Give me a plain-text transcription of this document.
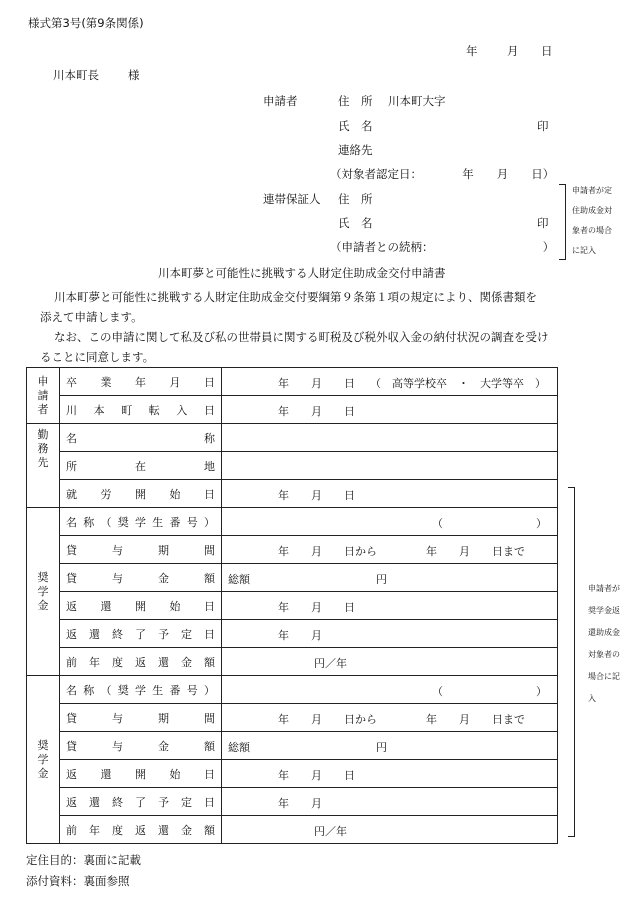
様式第3号(第9条関係)
年	月 日
川本町長	様
申請者	住　所 川本町大字
氏　名	印
連絡先
（対象者認定日：　　　　年　　月　　日）
連帯保証人 住　所
氏　名	印
（申請者との続柄：　　　　　　　　　　）
申請者が定
住助成金対
象者の場合
に記入
川本町夢と可能性に挑戦する人財定住助成金交付申請書
川本町夢と可能性に挑戦する人財定住助成金交付要綱第９条第１項の規定により、関係書類を
添えて申請します。
なお、この申請に関して私及び私の世帯員に関する町税及び税外収入金の納付状況の調査を受け
ることに同意します。
申請者	卒業年月日	年　　月　　日 （　高等学校卒　・　大学等卒　）

	川本町転入日	年　　月　　日

勤務先	名称	

	所在地	

	就労開始日	年　　月　　日

奨学金	名称（奨学生番号）	（ ）

	貸与期間	年　　月　　日から 年　　月　　日まで

	貸与金額	総額 円

	返還開始日	年　　月　　日

	返還終了予定日	年　　月

	前年度返還金額	円／年

奨学金	名称（奨学生番号）	（ ）

	貸与期間	年　　月　　日から 年　　月　　日まで

	貸与金額	総額 円

	返還開始日	年　　月　　日

	返還終了予定日	年　　月

	前年度返還金額	円／年
申請者が
奨学金返
還助成金
対象者の
場合に記
入
定住目的：裏面に記載
添付資料：裏面参照
